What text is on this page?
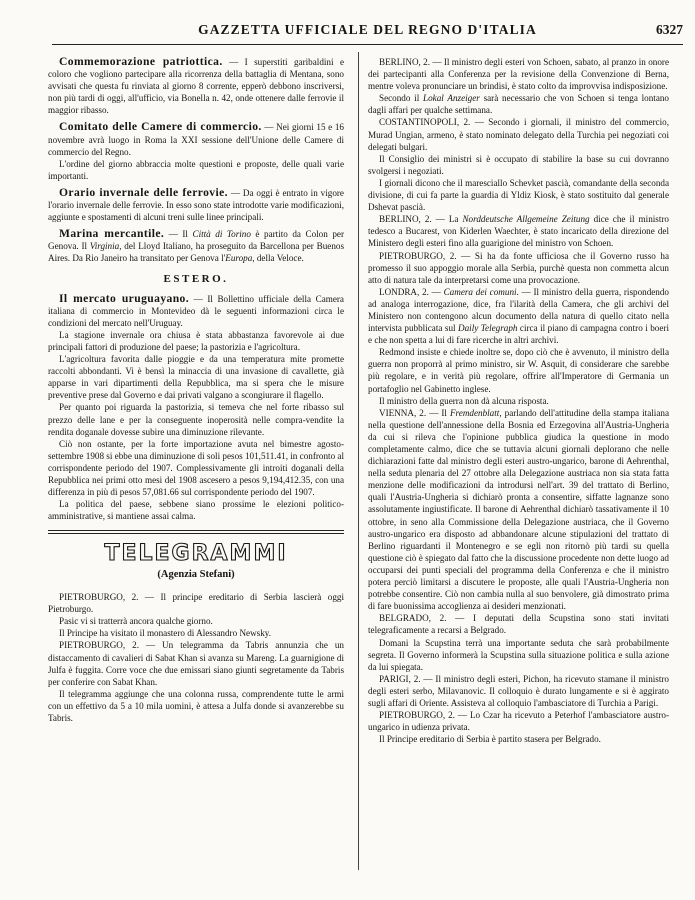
GAZZETTA UFFICIALE DEL REGNO D'ITALIA	6327

Commemorazione patriottica. — I superstiti garibaldini e coloro che vogliono partecipare alla ricorrenza della battaglia di Mentana, sono avvisati che questa fu rinviata al giorno 8 corrente, epperò debbono inscriversi, non più tardi di oggi, all'ufficio, via Bonella n. 42, onde ottenere dalle ferrovie il maggior ribasso.

Comitato delle Camere di commercio. — Nei giorni 15 e 16 novembre avrà luogo in Roma la XXI sessione dell'Unione delle Camere di commercio del Regno.

L'ordine del giorno abbraccia molte questioni e proposte, delle quali varie importanti.

Orario invernale delle ferrovie. — Da oggi è entrato in vigore l'orario invernale delle ferrovie. In esso sono state introdotte varie modificazioni, aggiunte e spostamenti di alcuni treni sulle linee principali.

Marina mercantile. — Il Città di Torino è partito da Colon per Genova. Il Virginia, del Lloyd Italiano, ha proseguito da Barcellona per Buenos Aires. Da Rio Janeiro ha transitato per Genova l'Europa, della Veloce.

ESTERO.

Il mercato uruguayano. — Il Bollettino ufficiale della Camera italiana di commercio in Montevideo dà le seguenti informazioni circa le condizioni del mercato nell'Uruguay.

La stagione invernale ora chiusa è stata abbastanza favorevole ai due principali fattori di produzione del paese; la pastorizia e l'agricoltura.

L'agricoltura favorita dalle pioggie e da una temperatura mite promette raccolti abbondanti. Vi è bensì la minaccia di una invasione di cavallette, già apparse in vari dipartimenti della Repubblica, ma si spera che le misure preventive prese dal Governo e dai privati valgano a scongiurare il flagello.

Per quanto poi riguarda la pastorizia, si temeva che nel forte ribasso sul prezzo delle lane e per la conseguente inoperosità nelle compra-vendite la rendita doganale dovesse subire una diminuzione rilevante.

Ciò non ostante, per la forte importazione avuta nel bimestre agosto-settembre 1908 si ebbe una diminuzione di soli pesos 101,511.41, in confronto al corrispondente periodo del 1907. Complessivamente gli introiti doganali della Repubblica nei primi otto mesi del 1908 ascesero a pesos 9,194,412.35, con una differenza in più di pesos 57,081.66 sul corrispondente periodo del 1907.

La politica del paese, sebbene siano prossime le elezioni politico-amministrative, si mantiene assai calma.

TELEGRAMMI

(Agenzia Stefani)

PIETROBURGO, 2. — Il principe ereditario di Serbia lascierà oggi Pietroburgo.

Pasic vi si tratterrà ancora qualche giorno.

Il Principe ha visitato il monastero di Alessandro Newsky.

PIETROBURGO, 2. — Un telegramma da Tabris annunzia che un distaccamento di cavalieri di Sabat Khan si avanza su Mareng. La guarnigione di Julfa è fuggita. Corre voce che due emissari siano giunti segretamente da Tabris per conferire con Sabat Khan.

Il telegramma aggiunge che una colonna russa, comprendente tutte le armi con un effettivo da 5 a 10 mila uomini, è attesa a Julfa donde si avanzerebbe su Tabris.

BERLINO, 2. — Il ministro degli esteri von Schoen, sabato, al pranzo in onore dei partecipanti alla Conferenza per la revisione della Convenzione di Berna, mentre voleva pronunciare un brindisi, è stato colto da improvvisa indisposizione.

Secondo il Lokal Anzeiger sarà necessario che von Schoen si tenga lontano dagli affari per qualche settimana.

COSTANTINOPOLI, 2. — Secondo i giornali, il ministro del commercio, Murad Ungian, armeno, è stato nominato delegato della Turchia pei negoziati coi delegati bulgari.

Il Consiglio dei ministri si è occupato di stabilire la base su cui dovranno svolgersi i negoziati.

I giornali dicono che il maresciallo Schevket pascià, comandante della seconda divisione, di cui fa parte la guardia di Yldiz Kiosk, è stato sostituito dal generale Dshevat pascià.

BERLINO, 2. — La Norddeutsche Allgemeine Zeitung dice che il ministro tedesco a Bucarest, von Kiderlen Waechter, è stato incaricato della direzione del Ministero degli esteri fino alla guarigione del ministro von Schoen.

PIETROBURGO, 2. — Si ha da fonte ufficiosa che il Governo russo ha promesso il suo appoggio morale alla Serbia, purchè questa non commetta alcun atto di natura tale da interpretarsi come una provocazione.

LONDRA, 2. — Camera dei comuni. — Il ministro della guerra, rispondendo ad analoga interrogazione, dice, fra l'ilarità della Camera, che gli archivi del Ministero non contengono alcun documento della natura di quello citato nella intervista pubblicata sul Daily Telegraph circa il piano di campagna contro i boeri e che non spetta a lui di fare ricerche in altri archivi.

Redmond insiste e chiede inoltre se, dopo ciò che è avvenuto, il ministro della guerra non proporrà al primo ministro, sir W. Asquit, di considerare che sarebbe più regolare, e in verità più regolare, offrire all'Imperatore di Germania un portafoglio nel Gabinetto inglese.

Il ministro della guerra non dà alcuna risposta.

VIENNA, 2. — Il Fremdenblatt, parlando dell'attitudine della stampa italiana nella questione dell'annessione della Bosnia ed Erzegovina all'Austria-Ungheria da cui si rileva che l'opinione pubblica giudica la questione in modo completamente calmo, dice che se tuttavia alcuni giornali deplorano che nelle dichiarazioni fatte dal ministro degli esteri austro-ungarico, barone di Aehrenthal, nella seduta plenaria del 27 ottobre alla Delegazione austriaca non sia stata fatta menzione delle modificazioni da introdursi nell'art. 39 del trattato di Berlino, quali l'Austria-Ungheria si dichiarò pronta a consentire, siffatte lagnanze sono assolutamente ingiustificate. Il barone di Aehrenthal dichiarò tassativamente il 10 ottobre, in seno alla Commissione della Delegazione austriaca, che il Governo austro-ungarico era disposto ad abbandonare alcune stipulazioni del trattato di Berlino riguardanti il Montenegro e se egli non ritornò più tardi su quella questione ciò è spiegato dal fatto che la discussione procedente non dette luogo ad occuparsi dei punti speciali del programma della Conferenza e che il ministro potera perciò limitarsi a discutere le proposte, alle quali l'Austria-Ungheria non potrebbe consentire. Ciò non cambia nulla al suo benvolere, già dimostrato prima di fare buonissima accoglienza ai desideri menzionati.

BELGRADO, 2. — I deputati della Scupstina sono stati invitati telegraficamente a recarsi a Belgrado.

Domani la Scupstina terrà una importante seduta che sarà probabilmente segreta. Il Governo informerà la Scupstina sulla situazione politica e sulla azione da lui spiegata.

PARIGI, 2. — Il ministro degli esteri, Pichon, ha ricevuto stamane il ministro degli esteri serbo, Milavanovic. Il colloquio è durato lungamente e si è aggirato sugli affari di Oriente. Assisteva al colloquio l'ambasciatore di Turchia a Parigi.

PIETROBURGO, 2. — Lo Czar ha ricevuto a Peterhof l'ambasciatore austro-ungarico in udienza privata.

Il Principe ereditario di Serbia è partito stasera per Belgrado.
